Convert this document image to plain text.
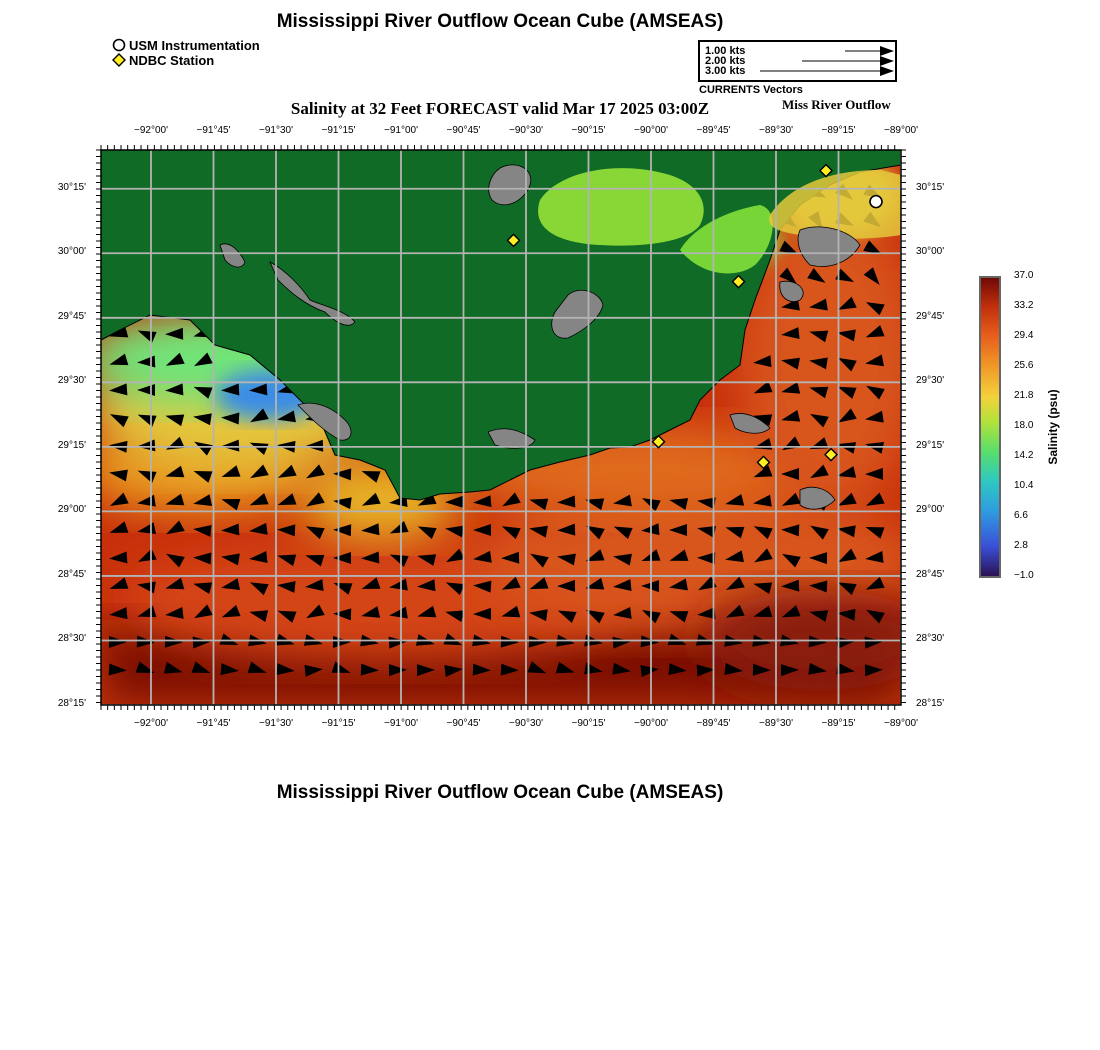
Mississippi River Outflow Ocean Cube (AMSEAS)
USM Instrumentation
NDBC Station
1.00 kts
2.00 kts
3.00 kts
CURRENTS Vectors
Salinity at 32 Feet FORECAST valid Mar 17 2025 03:00Z	Miss River Outflow
−92°00'
−92°00'
−91°45'
−91°45'
−91°30'
−91°30'
−91°15'
−91°15'
−91°00'
−91°00'
−90°45'
−90°45'
−90°30'
−90°30'
−90°15'
−90°15'
−90°00'
−90°00'
−89°45'
−89°45'
−89°30'
−89°30'
−89°15'
−89°15'
−89°00'
−89°00'
30°15'	30°15'
30°00'	30°00'
29°45'	29°45'
29°30'	29°30'
29°15'	29°15'
29°00'	29°00'
28°45'	28°45'
28°30'	28°30'
28°15'	28°15'
37.0
33.2
29.4
25.6
21.8
18.0
14.2
10.4
6.6
2.8
−1.0
Salinity (psu)
Mississippi River Outflow Ocean Cube (AMSEAS)
